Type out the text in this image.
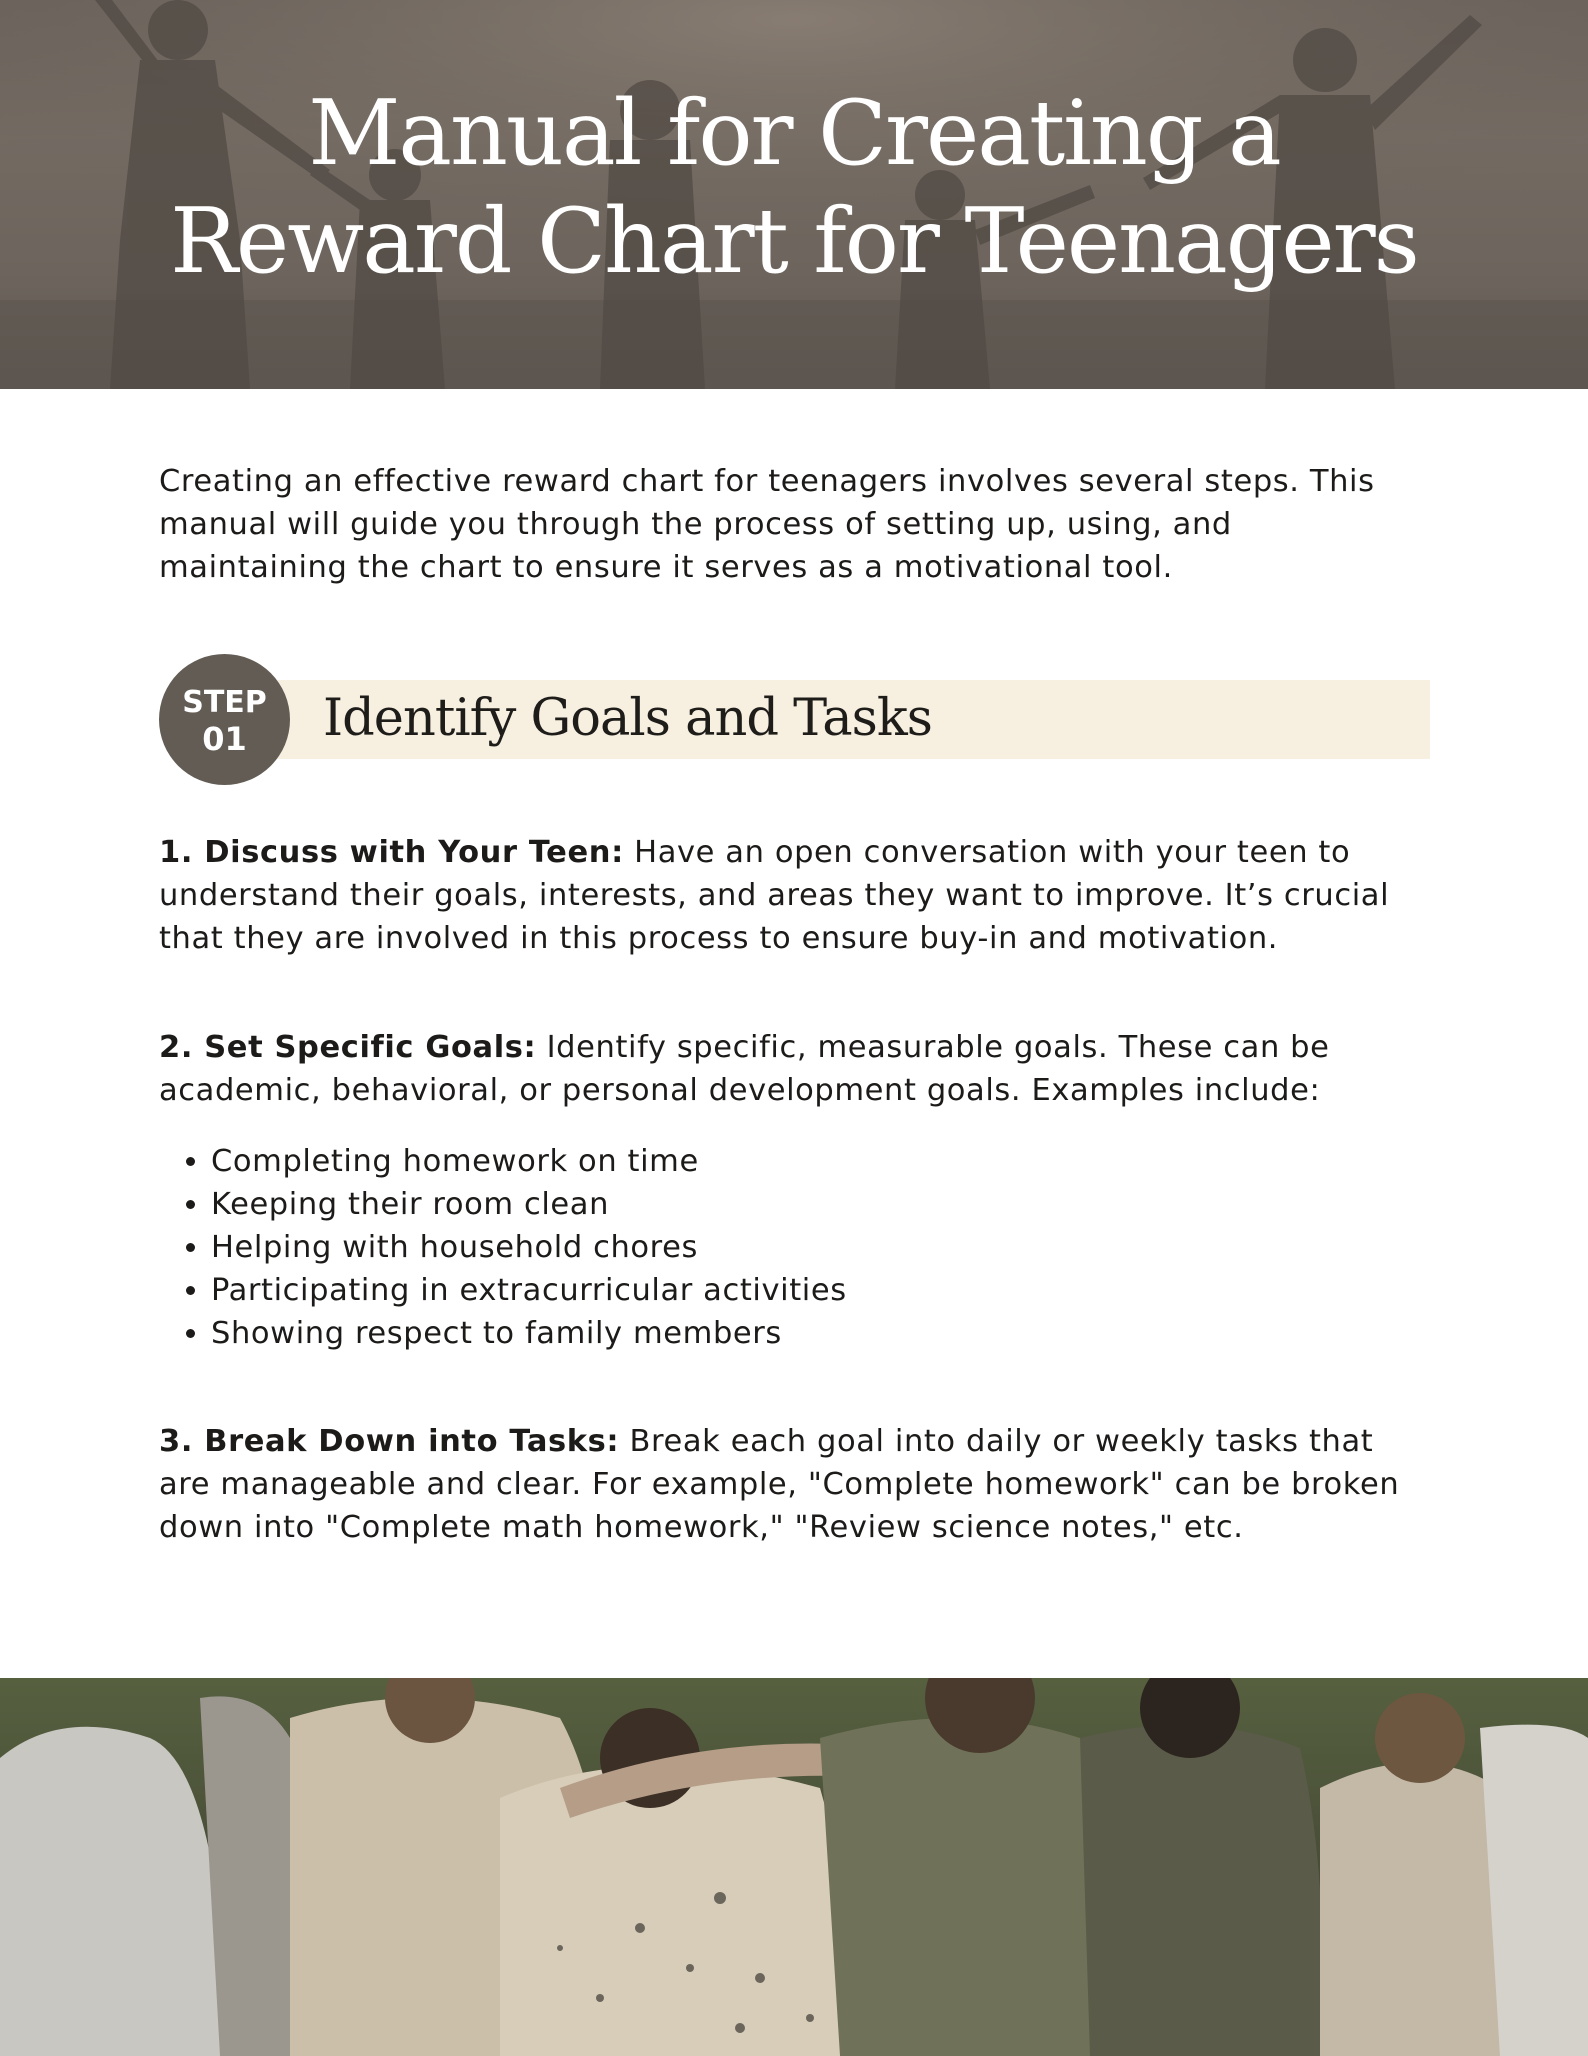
Manual for Creating a
Reward Chart for Teenagers

Creating an effective reward chart for teenagers involves several steps. This manual will guide you through the process of setting up, using, and maintaining the chart to ensure it serves as a motivational tool.

STEP
01	Identify Goals and Tasks

1. Discuss with Your Teen: Have an open conversation with your teen to understand their goals, interests, and areas they want to improve. It’s crucial that they are involved in this process to ensure buy-in and motivation.

2. Set Specific Goals: Identify specific, measurable goals. These can be academic, behavioral, or personal development goals. Examples include:

• Completing homework on time
• Keeping their room clean
• Helping with household chores
• Participating in extracurricular activities
• Showing respect to family members

3. Break Down into Tasks: Break each goal into daily or weekly tasks that are manageable and clear. For example, "Complete homework" can be broken down into "Complete math homework," "Review science notes," etc.
